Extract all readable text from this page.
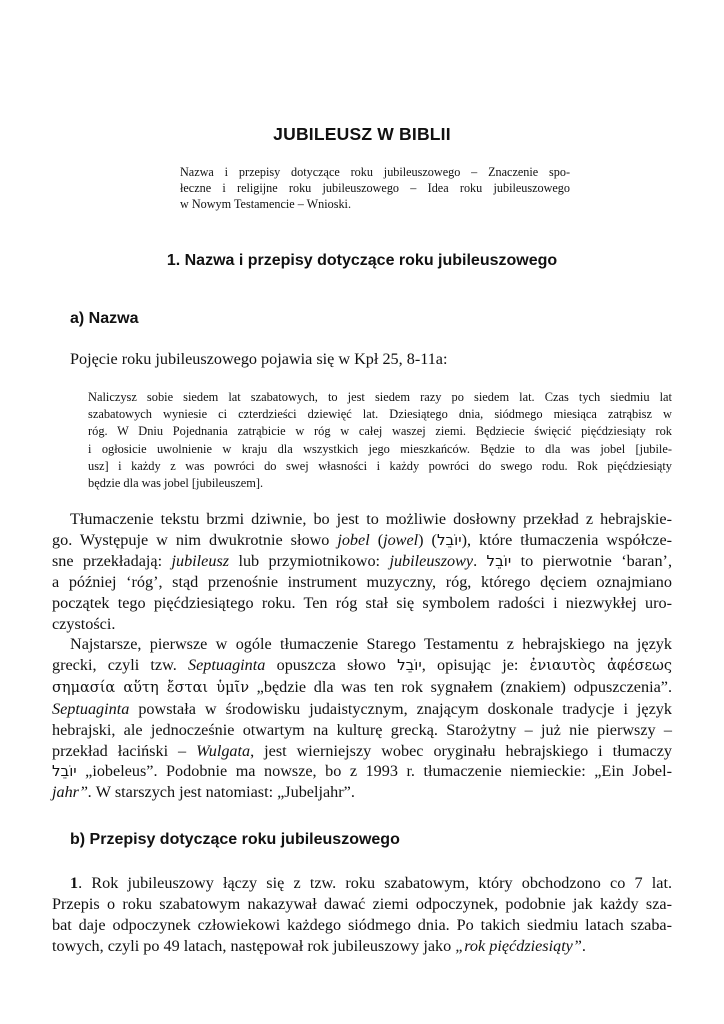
JUBILEUSZ W BIBLII
Nazwa i przepisy dotyczące roku jubileuszowego – Znaczenie spo-
łeczne i religijne roku jubileuszowego – Idea roku jubileuszowego
w Nowym Testamencie – Wnioski.
1. Nazwa i przepisy dotyczące roku jubileuszowego
a) Nazwa
Pojęcie roku jubileuszowego pojawia się w Kpł 25, 8-11a:
Naliczysz sobie siedem lat szabatowych, to jest siedem razy po siedem lat. Czas tych siedmiu lat
szabatowych wyniesie ci czterdzieści dziewięć lat. Dziesiątego dnia, siódmego miesiąca zatrąbisz w
róg. W Dniu Pojednania zatrąbicie w róg w całej waszej ziemi. Będziecie święcić pięćdziesiąty rok
i ogłosicie uwolnienie w kraju dla wszystkich jego mieszkańców. Będzie to dla was jobel [jubile-
usz] i każdy z was powróci do swej własności i każdy powróci do swego rodu. Rok pięćdziesiąty
będzie dla was jobel [jubileuszem].
Tłumaczenie tekstu brzmi dziwnie, bo jest to możliwie dosłowny przekład z hebrajskie-
go. Występuje w nim dwukrotnie słowo jobel (jowel) (יוֹבֵל), które tłumaczenia współcze-
sne przekładają: jubileusz lub przymiotnikowo: jubileuszowy. יוֹבֵל to pierwotnie ‘baran’,
a później ‘róg’, stąd przenośnie instrument muzyczny, róg, którego dęciem oznajmiano
początek tego pięćdziesiątego roku. Ten róg stał się symbolem radości i niezwykłej uro-
czystości.
Najstarsze, pierwsze w ogóle tłumaczenie Starego Testamentu z hebrajskiego na język
grecki, czyli tzw. Septuaginta opuszcza słowo יוֹבֵל, opisując je: ἐνιαυτὸς ἀφέσεως
σημασία αὕτη ἔσται ὑμῖν „będzie dla was ten rok sygnałem (znakiem) odpuszczenia”.
Septuaginta powstała w środowisku judaistycznym, znającym doskonale tradycje i język
hebrajski, ale jednocześnie otwartym na kulturę grecką. Starożytny – już nie pierwszy –
przekład łaciński – Wulgata, jest wierniejszy wobec oryginału hebrajskiego i tłumaczy
יוֹבֵל „iobeleus”. Podobnie ma nowsze, bo z 1993 r. tłumaczenie niemieckie: „Ein Jobel-
jahr”. W starszych jest natomiast: „Jubeljahr”.
b) Przepisy dotyczące roku jubileuszowego
1. Rok jubileuszowy łączy się z tzw. roku szabatowym, który obchodzono co 7 lat.
Przepis o roku szabatowym nakazywał dawać ziemi odpoczynek, podobnie jak każdy sza-
bat daje odpoczynek człowiekowi każdego siódmego dnia. Po takich siedmiu latach szaba-
towych, czyli po 49 latach, następował rok jubileuszowy jako „rok pięćdziesiąty”.
